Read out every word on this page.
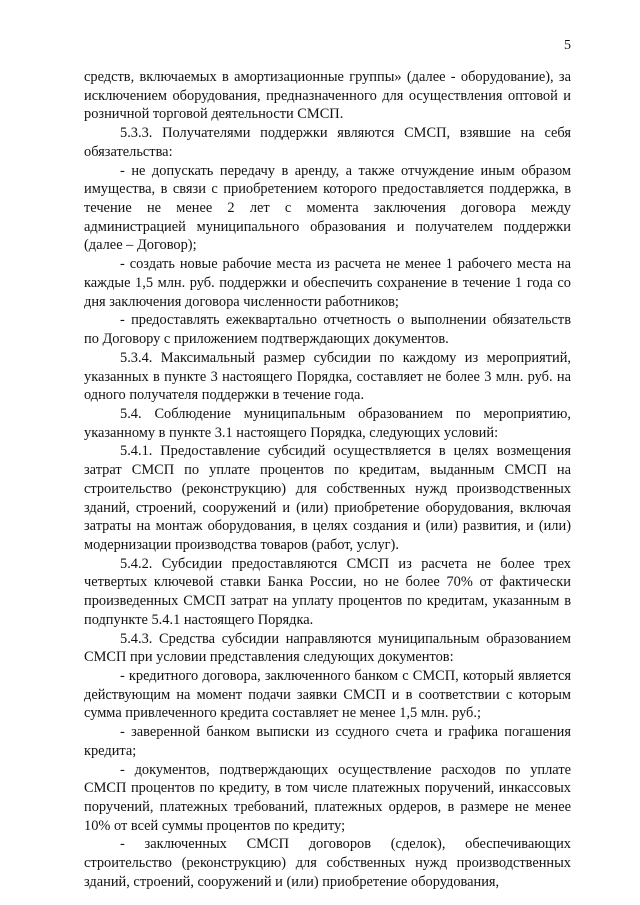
5

средств, включаемых в амортизационные группы» (далее - оборудование), за исключением оборудования, предназначенного для осуществления оптовой и розничной торговой деятельности СМСП.

5.3.3. Получателями поддержки являются СМСП, взявшие на себя обязательства:

- не допускать передачу в аренду, а также отчуждение иным образом имущества, в связи с приобретением которого предоставляется поддержка, в течение не менее 2 лет с момента заключения договора между администрацией муниципального образования и получателем поддержки (далее – Договор);

- создать новые рабочие места из расчета не менее 1 рабочего места на каждые 1,5 млн. руб. поддержки и обеспечить сохранение в течение 1 года со дня заключения договора численности работников;

- предоставлять ежеквартально отчетность о выполнении обязательств по Договору с приложением подтверждающих документов.

5.3.4. Максимальный размер субсидии по каждому из мероприятий, указанных в пункте 3 настоящего Порядка, составляет не более 3 млн. руб. на одного получателя поддержки в течение года.

5.4. Соблюдение муниципальным образованием по мероприятию, указанному в пункте 3.1 настоящего Порядка, следующих условий:

5.4.1. Предоставление субсидий осуществляется в целях возмещения затрат СМСП по уплате процентов по кредитам, выданным СМСП на строительство (реконструкцию) для собственных нужд производственных зданий, строений, сооружений и (или) приобретение оборудования, включая затраты на монтаж оборудования, в целях создания и (или) развития, и (или) модернизации производства товаров (работ, услуг).

5.4.2. Субсидии предоставляются СМСП из расчета не более трех четвертых ключевой ставки Банка России, но не более 70% от фактически произведенных СМСП затрат на уплату процентов по кредитам, указанным в подпункте 5.4.1 настоящего Порядка.

5.4.3. Средства субсидии направляются муниципальным образованием СМСП при условии представления следующих документов:

- кредитного договора, заключенного банком с СМСП, который является действующим на момент подачи заявки СМСП и в соответствии с которым сумма привлеченного кредита составляет не менее 1,5 млн. руб.;

- заверенной банком выписки из ссудного счета и графика погашения кредита;

- документов, подтверждающих осуществление расходов по уплате СМСП процентов по кредиту, в том числе платежных поручений, инкассовых поручений, платежных требований, платежных ордеров, в размере не менее 10% от всей суммы процентов по кредиту;

- заключенных СМСП договоров (сделок), обеспечивающих строительство (реконструкцию) для собственных нужд производственных зданий, строений, сооружений и (или) приобретение оборудования,
